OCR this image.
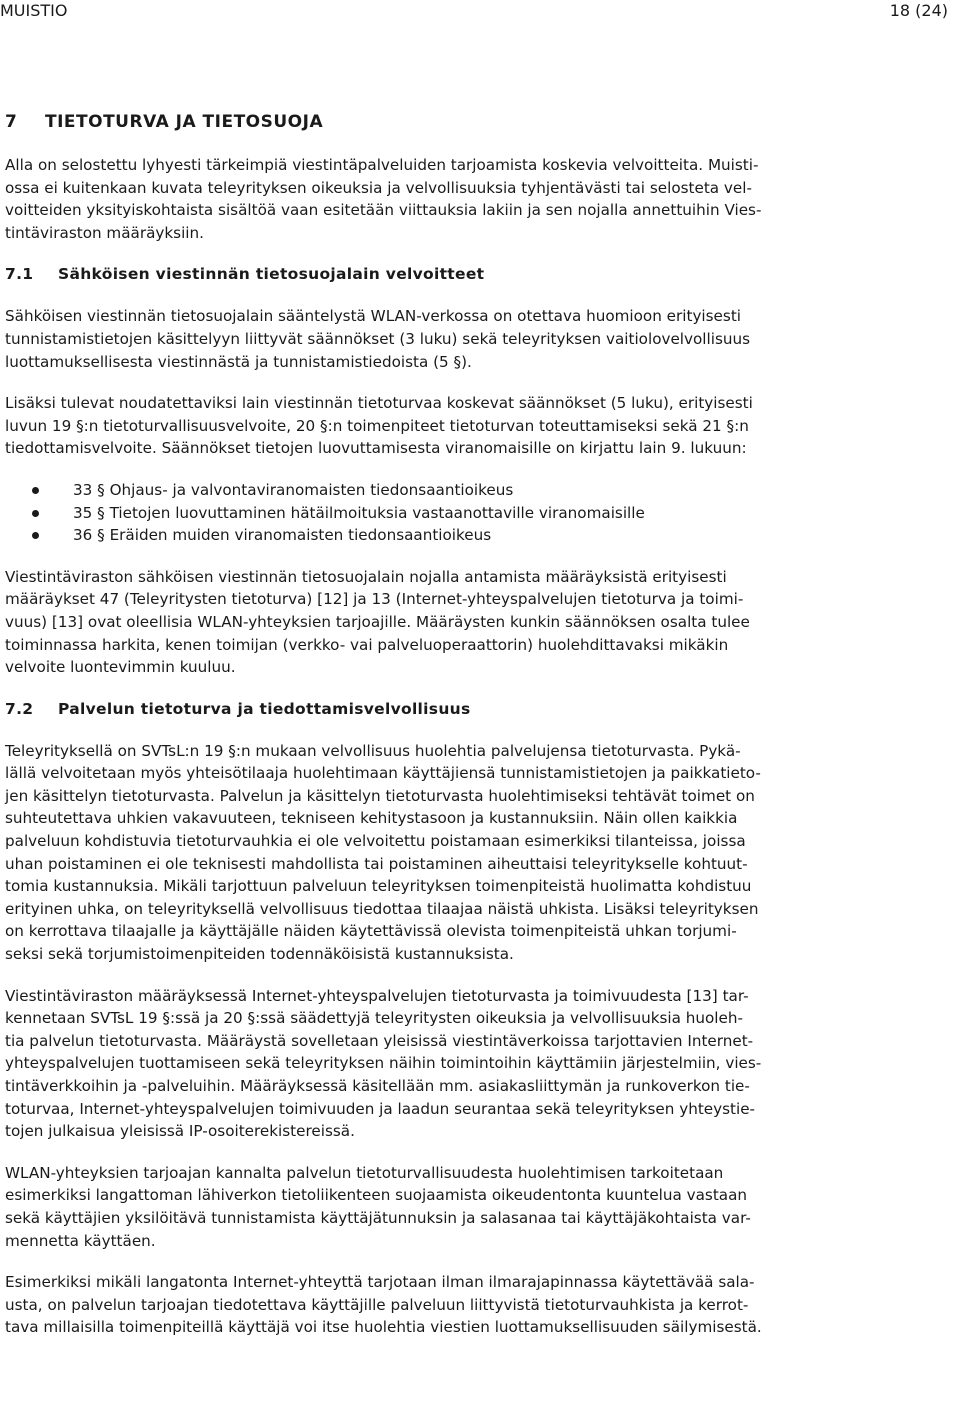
MUISTIO	18 (24)
7 TIETOTURVA JA TIETOSUOJA

Alla on selostettu lyhyesti tärkeimpiä viestintäpalveluiden tarjoamista koskevia velvoitteita. Muisti-
ossa ei kuitenkaan kuvata teleyrityksen oikeuksia ja velvollisuuksia tyhjentävästi tai selosteta vel-
voitteiden yksityiskohtaista sisältöä vaan esitetään viittauksia lakiin ja sen nojalla annettuihin Vies-
tintäviraston määräyksiin.

7.1 Sähköisen viestinnän tietosuojalain velvoitteet

Sähköisen viestinnän tietosuojalain sääntelystä WLAN-verkossa on otettava huomioon erityisesti
tunnistamistietojen käsittelyyn liittyvät säännökset (3 luku) sekä teleyrityksen vaitiolovelvollisuus
luottamuksellisesta viestinnästä ja tunnistamistiedoista (5 §).

Lisäksi tulevat noudatettaviksi lain viestinnän tietoturvaa koskevat säännökset (5 luku), erityisesti
luvun 19 §:n tietoturvallisuusvelvoite, 20 §:n toimenpiteet tietoturvan toteuttamiseksi sekä 21 §:n
tiedottamisvelvoite. Säännökset tietojen luovuttamisesta viranomaisille on kirjattu lain 9. lukuun:

33 § Ohjaus- ja valvontaviranomaisten tiedonsaantioikeus
35 § Tietojen luovuttaminen hätäilmoituksia vastaanottaville viranomaisille
36 § Eräiden muiden viranomaisten tiedonsaantioikeus

Viestintäviraston sähköisen viestinnän tietosuojalain nojalla antamista määräyksistä erityisesti
määräykset 47 (Teleyritysten tietoturva) [12] ja 13 (Internet-yhteyspalvelujen tietoturva ja toimi-
vuus) [13] ovat oleellisia WLAN-yhteyksien tarjoajille. Määräysten kunkin säännöksen osalta tulee
toiminnassa harkita, kenen toimijan (verkko- vai palveluoperaattorin) huolehdittavaksi mikäkin
velvoite luontevimmin kuuluu.

7.2 Palvelun tietoturva ja tiedottamisvelvollisuus

Teleyrityksellä on SVTsL:n 19 §:n mukaan velvollisuus huolehtia palvelujensa tietoturvasta. Pykä-
lällä velvoitetaan myös yhteisötilaaja huolehtimaan käyttäjiensä tunnistamistietojen ja paikkatieto-
jen käsittelyn tietoturvasta. Palvelun ja käsittelyn tietoturvasta huolehtimiseksi tehtävät toimet on
suhteutettava uhkien vakavuuteen, tekniseen kehitystasoon ja kustannuksiin. Näin ollen kaikkia
palveluun kohdistuvia tietoturvauhkia ei ole velvoitettu poistamaan esimerkiksi tilanteissa, joissa
uhan poistaminen ei ole teknisesti mahdollista tai poistaminen aiheuttaisi teleyritykselle kohtuut-
tomia kustannuksia. Mikäli tarjottuun palveluun teleyrityksen toimenpiteistä huolimatta kohdistuu
erityinen uhka, on teleyrityksellä velvollisuus tiedottaa tilaajaa näistä uhkista. Lisäksi teleyrityksen
on kerrottava tilaajalle ja käyttäjälle näiden käytettävissä olevista toimenpiteistä uhkan torjumi-
seksi sekä torjumistoimenpiteiden todennäköisistä kustannuksista.

Viestintäviraston määräyksessä Internet-yhteyspalvelujen tietoturvasta ja toimivuudesta [13] tar-
kennetaan SVTsL 19 §:ssä ja 20 §:ssä säädettyjä teleyritysten oikeuksia ja velvollisuuksia huoleh-
tia palvelun tietoturvasta. Määräystä sovelletaan yleisissä viestintäverkoissa tarjottavien Internet-
yhteyspalvelujen tuottamiseen sekä teleyrityksen näihin toimintoihin käyttämiin järjestelmiin, vies-
tintäverkkoihin ja -palveluihin. Määräyksessä käsitellään mm. asiakasliittymän ja runkoverkon tie-
toturvaa, Internet-yhteyspalvelujen toimivuuden ja laadun seurantaa sekä teleyrityksen yhteystie-
tojen julkaisua yleisissä IP-osoiterekistereissä.

WLAN-yhteyksien tarjoajan kannalta palvelun tietoturvallisuudesta huolehtimisen tarkoitetaan
esimerkiksi langattoman lähiverkon tietoliikenteen suojaamista oikeudentonta kuuntelua vastaan
sekä käyttäjien yksilöitävä tunnistamista käyttäjätunnuksin ja salasanaa tai käyttäjäkohtaista var-
mennetta käyttäen.

Esimerkiksi mikäli langatonta Internet-yhteyttä tarjotaan ilman ilmarajapinnassa käytettävää sala-
usta, on palvelun tarjoajan tiedotettava käyttäjille palveluun liittyvistä tietoturvauhkista ja kerrot-
tava millaisilla toimenpiteillä käyttäjä voi itse huolehtia viestien luottamuksellisuuden säilymisestä.
